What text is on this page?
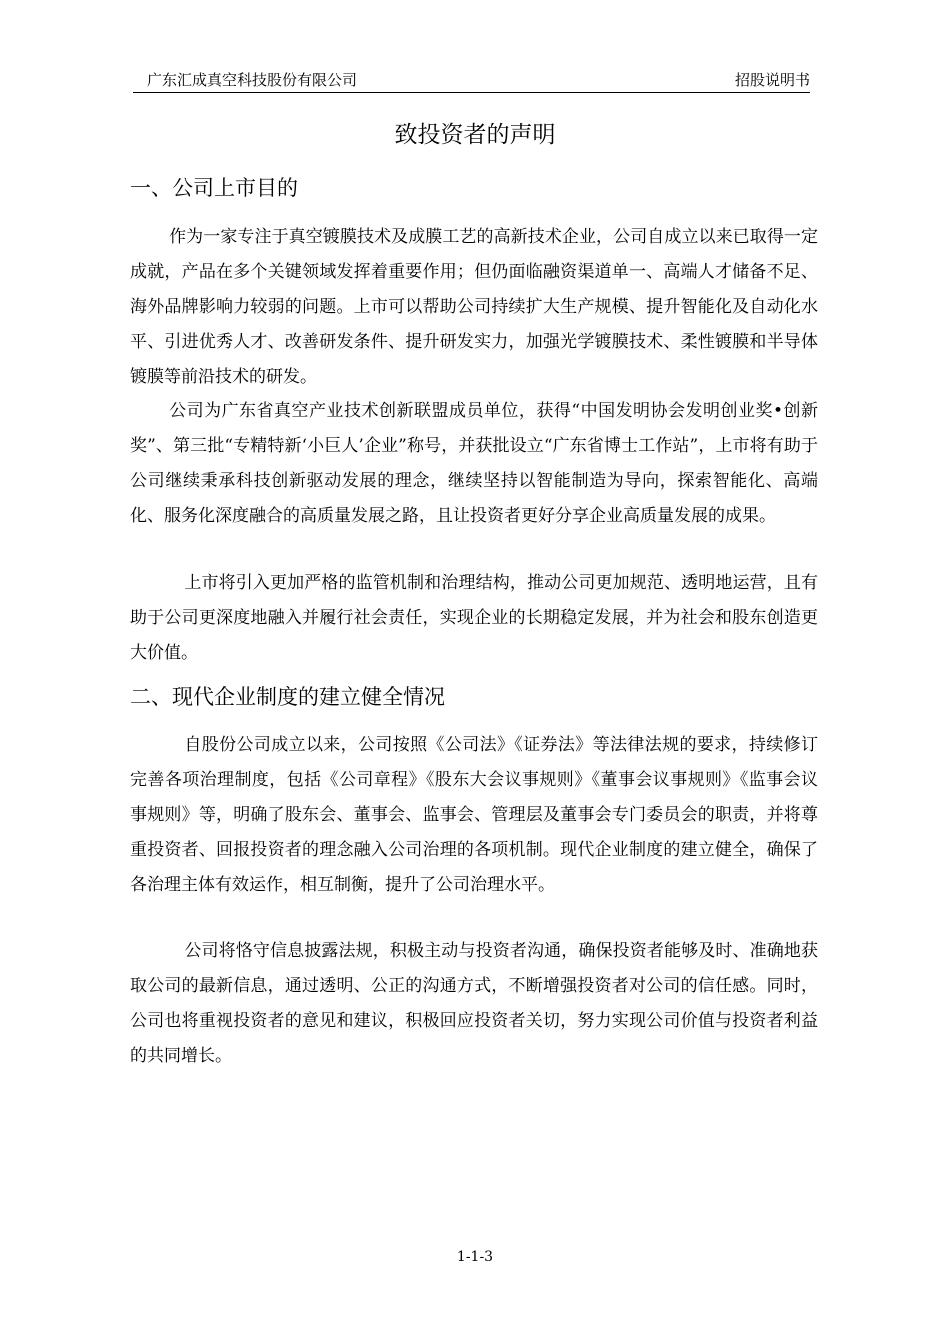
广东汇成真空科技股份有限公司	招股说明书
致投资者的声明
一、公司上市目的

作为一家专注于真空镀膜技术及成膜工艺的高新技术企业，公司自成立以来已取得一定成就，产品在多个关键领域发挥着重要作用；但仍面临融资渠道单一、高端人才储备不足、海外品牌影响力较弱的问题。上市可以帮助公司持续扩大生产规模、提升智能化及自动化水平、引进优秀人才、改善研发条件、提升研发实力，加强光学镀膜技术、柔性镀膜和半导体镀膜等前沿技术的研发。

公司为广东省真空产业技术创新联盟成员单位，获得“中国发明协会发明创业奖•创新奖”、第三批“专精特新‘小巨人’企业”称号，并获批设立“广东省博士工作站”，上市将有助于公司继续秉承科技创新驱动发展的理念，继续坚持以智能制造为导向，探索智能化、高端化、服务化深度融合的高质量发展之路，且让投资者更好分享企业高质量发展的成果。

上市将引入更加严格的监管机制和治理结构，推动公司更加规范、透明地运营，且有助于公司更深度地融入并履行社会责任，实现企业的长期稳定发展，并为社会和股东创造更大价值。

二、现代企业制度的建立健全情况

自股份公司成立以来，公司按照《公司法》《证券法》等法律法规的要求，持续修订完善各项治理制度，包括《公司章程》《股东大会议事规则》《董事会议事规则》《监事会议事规则》等，明确了股东会、董事会、监事会、管理层及董事会专门委员会的职责，并将尊重投资者、回报投资者的理念融入公司治理的各项机制。现代企业制度的建立健全，确保了各治理主体有效运作，相互制衡，提升了公司治理水平。

公司将恪守信息披露法规，积极主动与投资者沟通，确保投资者能够及时、准确地获取公司的最新信息，通过透明、公正的沟通方式，不断增强投资者对公司的信任感。同时，公司也将重视投资者的意见和建议，积极回应投资者关切，努力实现公司价值与投资者利益的共同增长。

1-1-3
